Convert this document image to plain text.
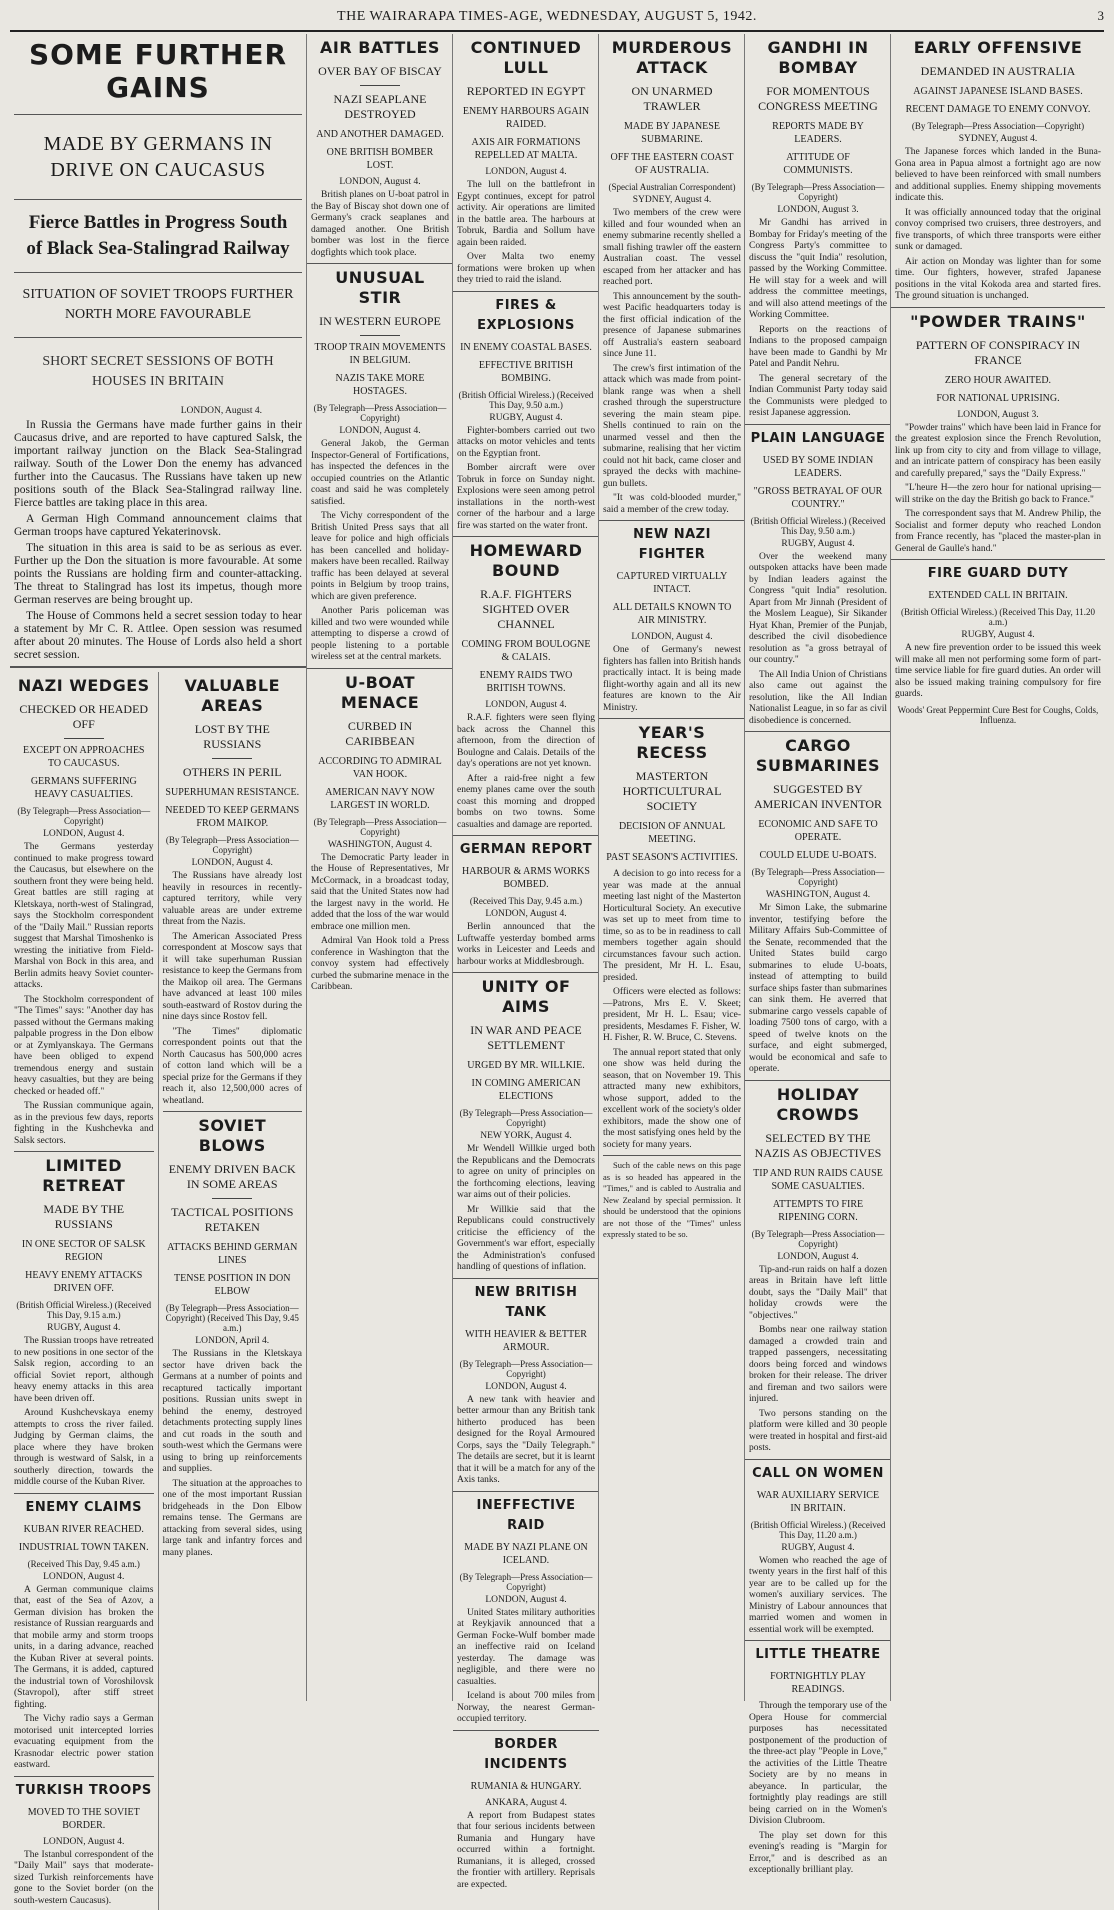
THE WAIRARAPA TIMES-AGE, WEDNESDAY, AUGUST 5, 1942.	3
SOME FURTHER GAINS
MADE BY GERMANS IN DRIVE ON CAUCASUS
Fierce Battles in Progress South of Black Sea-Stalingrad Railway
SITUATION OF SOVIET TROOPS FURTHER NORTH MORE FAVOURABLE
SHORT SECRET SESSIONS OF BOTH HOUSES IN BRITAIN
LONDON, August 4.

In Russia the Germans have made further gains in their Caucasus drive, and are reported to have captured Salsk, the important railway junction on the Black Sea-Stalingrad railway. South of the Lower Don the enemy has advanced further into the Caucasus. The Russians have taken up new positions south of the Black Sea-Stalingrad railway line. Fierce battles are taking place in this area.

A German High Command announcement claims that German troops have captured Yekaterinovsk.

The situation in this area is said to be as serious as ever. Further up the Don the situation is more favourable. At some points the Russians are holding firm and counter-attacking. The threat to Stalingrad has lost its impetus, though more German reserves are being brought up.

The House of Commons held a secret session today to hear a statement by Mr C. R. Attlee. Open session was resumed after about 20 minutes. The House of Lords also held a short secret session.

NAZI WEDGES
CHECKED OR HEADED OFF
EXCEPT ON APPROACHES TO CAUCASUS.
GERMANS SUFFERING HEAVY CASUALTIES.
(By Telegraph—Press Association—Copyright)
LONDON, August 4.

The Germans yesterday continued to make progress toward the Caucasus, but elsewhere on the southern front they were being held. Great battles are still raging at Kletskaya, north-west of Stalingrad, says the Stockholm correspondent of the "Daily Mail." Russian reports suggest that Marshal Timoshenko is wresting the initiative from Field-Marshal von Bock in this area, and Berlin admits heavy Soviet counter-attacks.

The Stockholm correspondent of "The Times" says: "Another day has passed without the Germans making palpable progress in the Don elbow or at Zymlyanskaya. The Germans have been obliged to expend tremendous energy and sustain heavy casualties, but they are being checked or headed off."

The Russian communique again, as in the previous few days, reports fighting in the Kushchevka and Salsk sectors.

LIMITED RETREAT
MADE BY THE RUSSIANS
IN ONE SECTOR OF SALSK REGION
HEAVY ENEMY ATTACKS DRIVEN OFF.
(British Official Wireless.) (Received This Day, 9.15 a.m.)
RUGBY, August 4.

The Russian troops have retreated to new positions in one sector of the Salsk region, according to an official Soviet report, although heavy enemy attacks in this area have been driven off.

Around Kushchevskaya enemy attempts to cross the river failed. Judging by German claims, the place where they have broken through is westward of Salsk, in a southerly direction, towards the middle course of the Kuban River.

ENEMY CLAIMS
KUBAN RIVER REACHED.
INDUSTRIAL TOWN TAKEN.
(Received This Day, 9.45 a.m.)
LONDON, August 4.

A German communique claims that, east of the Sea of Azov, a German division has broken the resistance of Russian rearguards and that mobile army and storm troops units, in a daring advance, reached the Kuban River at several points. The Germans, it is added, captured the industrial town of Voroshilovsk (Stavropol), after stiff street fighting.

The Vichy radio says a German motorised unit intercepted lorries evacuating equipment from the Krasnodar electric power station eastward.

TURKISH TROOPS
MOVED TO THE SOVIET BORDER.
LONDON, August 4.

The Istanbul correspondent of the "Daily Mail" says that moderate-sized Turkish reinforcements have gone to the Soviet border (on the south-western Caucasus).

VALUABLE AREAS
LOST BY THE RUSSIANS
OTHERS IN PERIL
SUPERHUMAN RESISTANCE.
NEEDED TO KEEP GERMANS FROM MAIKOP.
(By Telegraph—Press Association—Copyright)
LONDON, August 4.

The Russians have already lost heavily in resources in recently-captured territory, while very valuable areas are under extreme threat from the Nazis.

The American Associated Press correspondent at Moscow says that it will take superhuman Russian resistance to keep the Germans from the Maikop oil area. The Germans have advanced at least 100 miles south-eastward of Rostov during the nine days since Rostov fell.

"The Times" diplomatic correspondent points out that the North Caucasus has 500,000 acres of cotton land which will be a special prize for the Germans if they reach it, also 12,500,000 acres of wheatland.

SOVIET BLOWS
ENEMY DRIVEN BACK IN SOME AREAS
TACTICAL POSITIONS RETAKEN
ATTACKS BEHIND GERMAN LINES
TENSE POSITION IN DON ELBOW
(By Telegraph—Press Association—Copyright) (Received This Day, 9.45 a.m.)
LONDON, April 4.

The Russians in the Kletskaya sector have driven back the Germans at a number of points and recaptured tactically important positions. Russian units swept in behind the enemy, destroyed detachments protecting supply lines and cut roads in the south and south-west which the Germans were using to bring up reinforcements and supplies.

The situation at the approaches to one of the most important Russian bridgeheads in the Don Elbow remains tense. The Germans are attacking from several sides, using large tank and infantry forces and many planes.

AIR BATTLES
OVER BAY OF BISCAY
NAZI SEAPLANE DESTROYED
AND ANOTHER DAMAGED.
ONE BRITISH BOMBER LOST.
LONDON, August 4.

British planes on U-boat patrol in the Bay of Biscay shot down one of Germany's crack seaplanes and damaged another. One British bomber was lost in the fierce dogfights which took place.

UNUSUAL STIR
IN WESTERN EUROPE
TROOP TRAIN MOVEMENTS IN BELGIUM.
NAZIS TAKE MORE HOSTAGES.
(By Telegraph—Press Association—Copyright)
LONDON, August 4.

General Jakob, the German Inspector-General of Fortifications, has inspected the defences in the occupied countries on the Atlantic coast and said he was completely satisfied.

The Vichy correspondent of the British United Press says that all leave for police and high officials has been cancelled and holiday-makers have been recalled. Railway traffic has been delayed at several points in Belgium by troop trains, which are given preference.

Another Paris policeman was killed and two were wounded while attempting to disperse a crowd of people listening to a portable wireless set at the central markets.

U-BOAT MENACE
CURBED IN CARIBBEAN
ACCORDING TO ADMIRAL VAN HOOK.
AMERICAN NAVY NOW LARGEST IN WORLD.
(By Telegraph—Press Association—Copyright)
WASHINGTON, August 4.

The Democratic Party leader in the House of Representatives, Mr McCormack, in a broadcast today, said that the United States now had the largest navy in the world. He added that the loss of the war would embrace one million men.

Admiral Van Hook told a Press conference in Washington that the convoy system had effectively curbed the submarine menace in the Caribbean.

CONTINUED LULL
REPORTED IN EGYPT
ENEMY HARBOURS AGAIN RAIDED.
AXIS AIR FORMATIONS REPELLED AT MALTA.
LONDON, August 4.

The lull on the battlefront in Egypt continues, except for patrol activity. Air operations are limited in the battle area. The harbours at Tobruk, Bardia and Sollum have again been raided.

Over Malta two enemy formations were broken up when they tried to raid the island.

FIRES & EXPLOSIONS
IN ENEMY COASTAL BASES.
EFFECTIVE BRITISH BOMBING.
(British Official Wireless.) (Received This Day, 9.50 a.m.)
RUGBY, August 4.

Fighter-bombers carried out two attacks on motor vehicles and tents on the Egyptian front.

Bomber aircraft were over Tobruk in force on Sunday night. Explosions were seen among petrol installations in the north-west corner of the harbour and a large fire was started on the water front.

HOMEWARD BOUND
R.A.F. FIGHTERS SIGHTED OVER CHANNEL
COMING FROM BOULOGNE & CALAIS.
ENEMY RAIDS TWO BRITISH TOWNS.
LONDON, August 4.

R.A.F. fighters were seen flying back across the Channel this afternoon, from the direction of Boulogne and Calais. Details of the day's operations are not yet known.

After a raid-free night a few enemy planes came over the south coast this morning and dropped bombs on two towns. Some casualties and damage are reported.

GERMAN REPORT
HARBOUR & ARMS WORKS BOMBED.
(Received This Day, 9.45 a.m.)
LONDON, August 4.

Berlin announced that the Luftwaffe yesterday bombed arms works in Leicester and Leeds and harbour works at Middlesbrough.

UNITY OF AIMS
IN WAR AND PEACE SETTLEMENT
URGED BY MR. WILLKIE.
IN COMING AMERICAN ELECTIONS
(By Telegraph—Press Association—Copyright)
NEW YORK, August 4.

Mr Wendell Willkie urged both the Republicans and the Democrats to agree on unity of principles on the forthcoming elections, leaving war aims out of their policies.

Mr Willkie said that the Republicans could constructively criticise the efficiency of the Government's war effort, especially the Administration's confused handling of questions of inflation.

NEW BRITISH TANK
WITH HEAVIER & BETTER ARMOUR.
(By Telegraph—Press Association—Copyright)
LONDON, August 4.

A new tank with heavier and better armour than any British tank hitherto produced has been designed for the Royal Armoured Corps, says the "Daily Telegraph." The details are secret, but it is learnt that it will be a match for any of the Axis tanks.

INEFFECTIVE RAID
MADE BY NAZI PLANE ON ICELAND.
(By Telegraph—Press Association—Copyright)
LONDON, August 4.

United States military authorities at Reykjavik announced that a German Focke-Wulf bomber made an ineffective raid on Iceland yesterday. The damage was negligible, and there were no casualties.

Iceland is about 700 miles from Norway, the nearest German-occupied territory.

BORDER INCIDENTS
RUMANIA & HUNGARY.
ANKARA, August 4.

A report from Budapest states that four serious incidents between Rumania and Hungary have occurred within a fortnight. Rumanians, it is alleged, crossed the frontier with artillery. Reprisals are expected.

MURDEROUS ATTACK
ON UNARMED TRAWLER
MADE BY JAPANESE SUBMARINE.
OFF THE EASTERN COAST OF AUSTRALIA.
(Special Australian Correspondent)
SYDNEY, August 4.

Two members of the crew were killed and four wounded when an enemy submarine recently shelled a small fishing trawler off the eastern Australian coast. The vessel escaped from her attacker and has reached port.

This announcement by the south-west Pacific headquarters today is the first official indication of the presence of Japanese submarines off Australia's eastern seaboard since June 11.

The crew's first intimation of the attack which was made from point-blank range was when a shell crashed through the superstructure severing the main steam pipe. Shells continued to rain on the unarmed vessel and then the submarine, realising that her victim could not hit back, came closer and sprayed the decks with machine-gun bullets.

"It was cold-blooded murder," said a member of the crew today.

NEW NAZI FIGHTER
CAPTURED VIRTUALLY INTACT.
ALL DETAILS KNOWN TO AIR MINISTRY.
LONDON, August 4.

One of Germany's newest fighters has fallen into British hands practically intact. It is being made flight-worthy again and all its new features are known to the Air Ministry.

YEAR'S RECESS
MASTERTON HORTICULTURAL SOCIETY
DECISION OF ANNUAL MEETING.
PAST SEASON'S ACTIVITIES.

A decision to go into recess for a year was made at the annual meeting last night of the Masterton Horticultural Society. An executive was set up to meet from time to time, so as to be in readiness to call members together again should circumstances favour such action. The president, Mr H. L. Esau, presided.

Officers were elected as follows:—Patrons, Mrs E. V. Skeet; president, Mr H. L. Esau; vice-presidents, Mesdames F. Fisher, W. H. Fisher, R. W. Bruce, C. Stevens.

The annual report stated that only one show was held during the season, that on November 19. This attracted many new exhibitors, whose support, added to the excellent work of the society's older exhibitors, made the show one of the most satisfying ones held by the society for many years.

Such of the cable news on this page as is so headed has appeared in the "Times," and is cabled to Australia and New Zealand by special permission. It should be understood that the opinions are not those of the "Times" unless expressly stated to be so.

GANDHI IN BOMBAY
FOR MOMENTOUS CONGRESS MEETING
REPORTS MADE BY LEADERS.
ATTITUDE OF COMMUNISTS.
(By Telegraph—Press Association—Copyright)
LONDON, August 3.

Mr Gandhi has arrived in Bombay for Friday's meeting of the Congress Party's committee to discuss the "quit India" resolution, passed by the Working Committee. He will stay for a week and will address the committee meetings, and will also attend meetings of the Working Committee.

Reports on the reactions of Indians to the proposed campaign have been made to Gandhi by Mr Patel and Pandit Nehru.

The general secretary of the Indian Communist Party today said the Communists were pledged to resist Japanese aggression.

PLAIN LANGUAGE
USED BY SOME INDIAN LEADERS.
"GROSS BETRAYAL OF OUR COUNTRY."
(British Official Wireless.) (Received This Day, 9.50 a.m.)
RUGBY, August 4.

Over the weekend many outspoken attacks have been made by Indian leaders against the Congress "quit India" resolution. Apart from Mr Jinnah (President of the Moslem League), Sir Sikander Hyat Khan, Premier of the Punjab, described the civil disobedience resolution as "a gross betrayal of our country."

The All India Union of Christians also came out against the resolution, like the All Indian Nationalist League, in so far as civil disobedience is concerned.

CARGO SUBMARINES
SUGGESTED BY AMERICAN INVENTOR
ECONOMIC AND SAFE TO OPERATE.
COULD ELUDE U-BOATS.
(By Telegraph—Press Association—Copyright)
WASHINGTON, August 4.

Mr Simon Lake, the submarine inventor, testifying before the Military Affairs Sub-Committee of the Senate, recommended that the United States build cargo submarines to elude U-boats, instead of attempting to build surface ships faster than submarines can sink them. He averred that submarine cargo vessels capable of loading 7500 tons of cargo, with a speed of twelve knots on the surface, and eight submerged, would be economical and safe to operate.

HOLIDAY CROWDS
SELECTED BY THE NAZIS AS OBJECTIVES
TIP AND RUN RAIDS CAUSE SOME CASUALTIES.
ATTEMPTS TO FIRE RIPENING CORN.
(By Telegraph—Press Association—Copyright)
LONDON, August 4.

Tip-and-run raids on half a dozen areas in Britain have left little doubt, says the "Daily Mail" that holiday crowds were the "objectives."

Bombs near one railway station damaged a crowded train and trapped passengers, necessitating doors being forced and windows broken for their release. The driver and fireman and two sailors were injured.

Two persons standing on the platform were killed and 30 people were treated in hospital and first-aid posts.

CALL ON WOMEN
WAR AUXILIARY SERVICE IN BRITAIN.
(British Official Wireless.) (Received This Day, 11.20 a.m.)
RUGBY, August 4.

Women who reached the age of twenty years in the first half of this year are to be called up for the women's auxiliary services. The Ministry of Labour announces that married women and women in essential work will be exempted.

LITTLE THEATRE
FORTNIGHTLY PLAY READINGS.

Through the temporary use of the Opera House for commercial purposes has necessitated postponement of the production of the three-act play "People in Love," the activities of the Little Theatre Society are by no means in abeyance. In particular, the fortnightly play readings are still being carried on in the Women's Division Clubroom.

The play set down for this evening's reading is "Margin for Error," and is described as an exceptionally brilliant play.

EARLY OFFENSIVE
DEMANDED IN AUSTRALIA
AGAINST JAPANESE ISLAND BASES.
RECENT DAMAGE TO ENEMY CONVOY.
(By Telegraph—Press Association—Copyright)
SYDNEY, August 4.

The Japanese forces which landed in the Buna-Gona area in Papua almost a fortnight ago are now believed to have been reinforced with small numbers and additional supplies. Enemy shipping movements indicate this.

It was officially announced today that the original convoy comprised two cruisers, three destroyers, and five transports, of which three transports were either sunk or damaged.

Air action on Monday was lighter than for some time. Our fighters, however, strafed Japanese positions in the vital Kokoda area and started fires. The ground situation is unchanged.

"POWDER TRAINS"
PATTERN OF CONSPIRACY IN FRANCE
ZERO HOUR AWAITED.
FOR NATIONAL UPRISING.
LONDON, August 3.

"Powder trains" which have been laid in France for the greatest explosion since the French Revolution, link up from city to city and from village to village, and an intricate pattern of conspiracy has been easily and carefully prepared," says the "Daily Express."

"L'heure H—the zero hour for national uprising—will strike on the day the British go back to France."

The correspondent says that M. Andrew Philip, the Socialist and former deputy who reached London from France recently, has "placed the master-plan in General de Gaulle's hand."

FIRE GUARD DUTY
EXTENDED CALL IN BRITAIN.
(British Official Wireless.) (Received This Day, 11.20 a.m.)
RUGBY, August 4.

A new fire prevention order to be issued this week will make all men not performing some form of part-time service liable for fire guard duties. An order will also be issued making training compulsory for fire guards.

Woods' Great Peppermint Cure Best for Coughs, Colds, Influenza.
